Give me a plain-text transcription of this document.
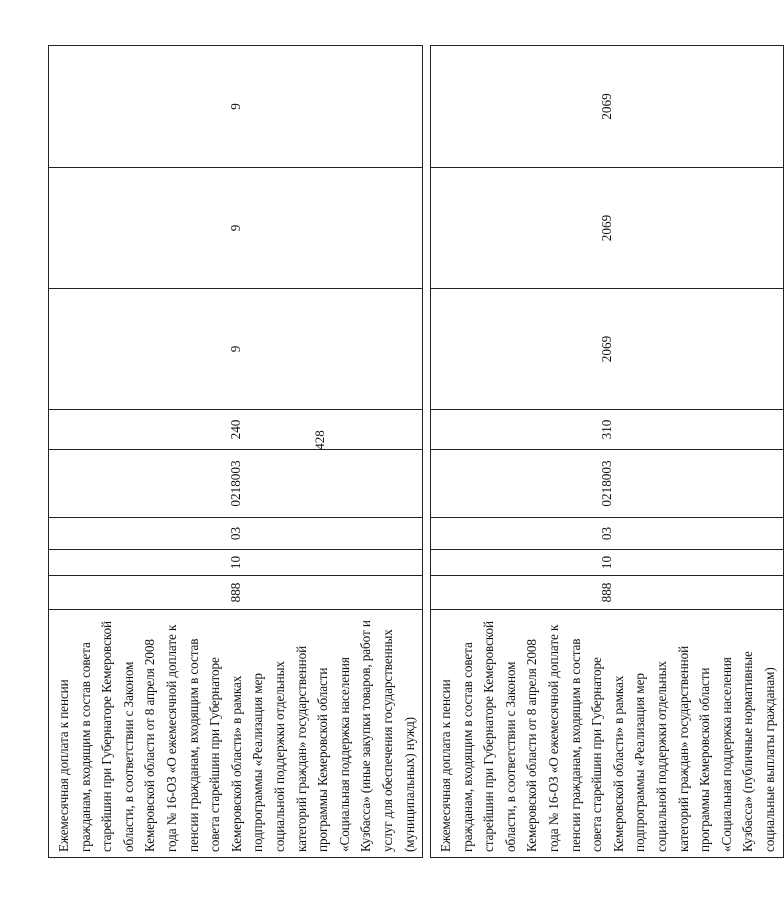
428
Ежемесячная доплата к пенсии гражданам, входящим в состав совета старейшин при Губернаторе Кемеровской области, в соответствии с Законом Кемеровской области от 8 апреля 2008 года № 16-ОЗ «О ежемесячной доплате к пенсии гражданам, входящим в состав совета старейшин при Губернаторе Кемеровской области» в рамках подпрограммы «Реализация мер социальной поддержки отдельных категорий граждан» государственной программы Кемеровской области «Социальная поддержка населения Кузбасса» (иные закупки товаров, работ и услуг для обеспечения государственных (муниципальных) нужд)	888	10	03	0218003	240	9	9	9

Ежемесячная доплата к пенсии гражданам, входящим в состав совета старейшин при Губернаторе Кемеровской области, в соответствии с Законом Кемеровской области от 8 апреля 2008 года № 16-ОЗ «О ежемесячной доплате к пенсии гражданам, входящим в состав совета старейшин при Губернаторе Кемеровской области» в рамках подпрограммы «Реализация мер социальной поддержки отдельных категорий граждан» государственной программы Кемеровской области «Социальная поддержка населения Кузбасса» (публичные нормативные социальные выплаты гражданам)	888	10	03	0218003	310	2069	2069	2069
